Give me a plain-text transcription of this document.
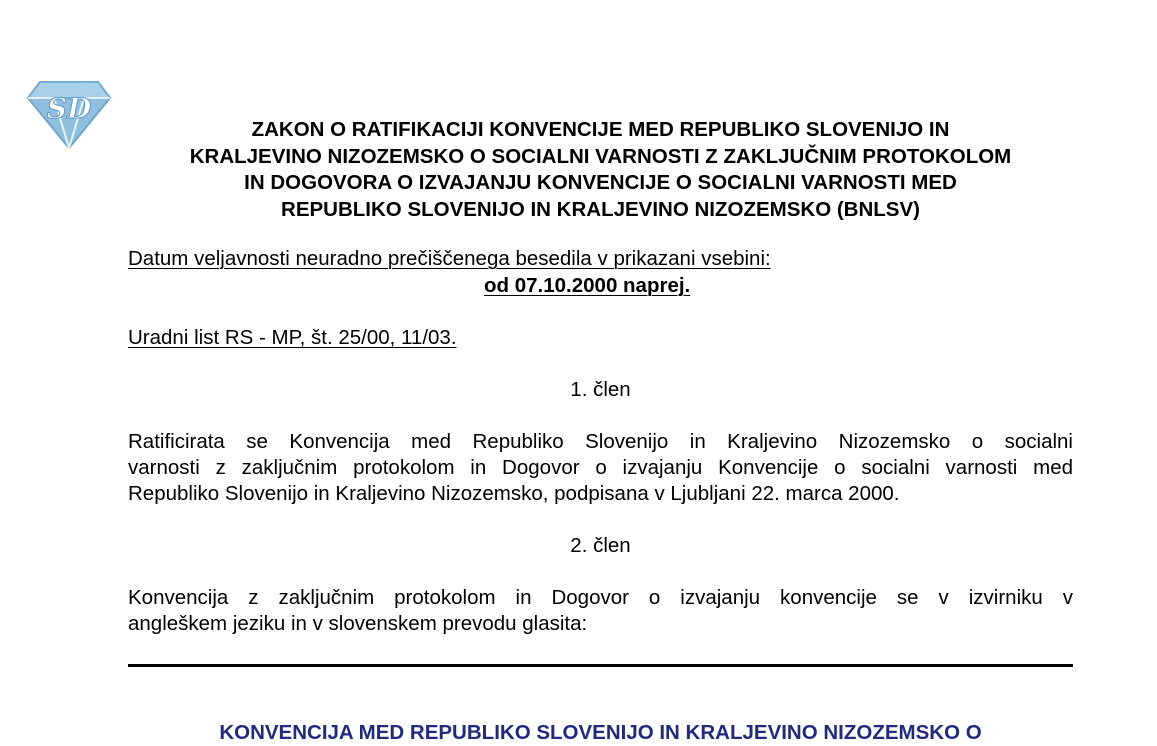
SD
ZAKON O RATIFIKACIJI KONVENCIJE MED REPUBLIKO SLOVENIJO IN
KRALJEVINO NIZOZEMSKO O SOCIALNI VARNOSTI Z ZAKLJUČNIM PROTOKOLOM
IN DOGOVORA O IZVAJANJU KONVENCIJE O SOCIALNI VARNOSTI MED
REPUBLIKO SLOVENIJO IN KRALJEVINO NIZOZEMSKO (BNLSV)

Datum veljavnosti neuradno prečiščenega besedila v prikazani vsebini:

od 07.10.2000 naprej.

Uradni list RS - MP, št. 25/00, 11/03.

1. člen

Ratificirata se Konvencija med Republiko Slovenijo in Kraljevino Nizozemsko o socialni
varnosti z zaključnim protokolom in Dogovor o izvajanju Konvencije o socialni varnosti med
Republiko Slovenijo in Kraljevino Nizozemsko, podpisana v Ljubljani 22. marca 2000.

2. člen

Konvencija z zaključnim protokolom in Dogovor o izvajanju konvencije se v izvirniku v
angleškem jeziku in v slovenskem prevodu glasita:
KONVENCIJA MED REPUBLIKO SLOVENIJO IN KRALJEVINO NIZOZEMSKO O
